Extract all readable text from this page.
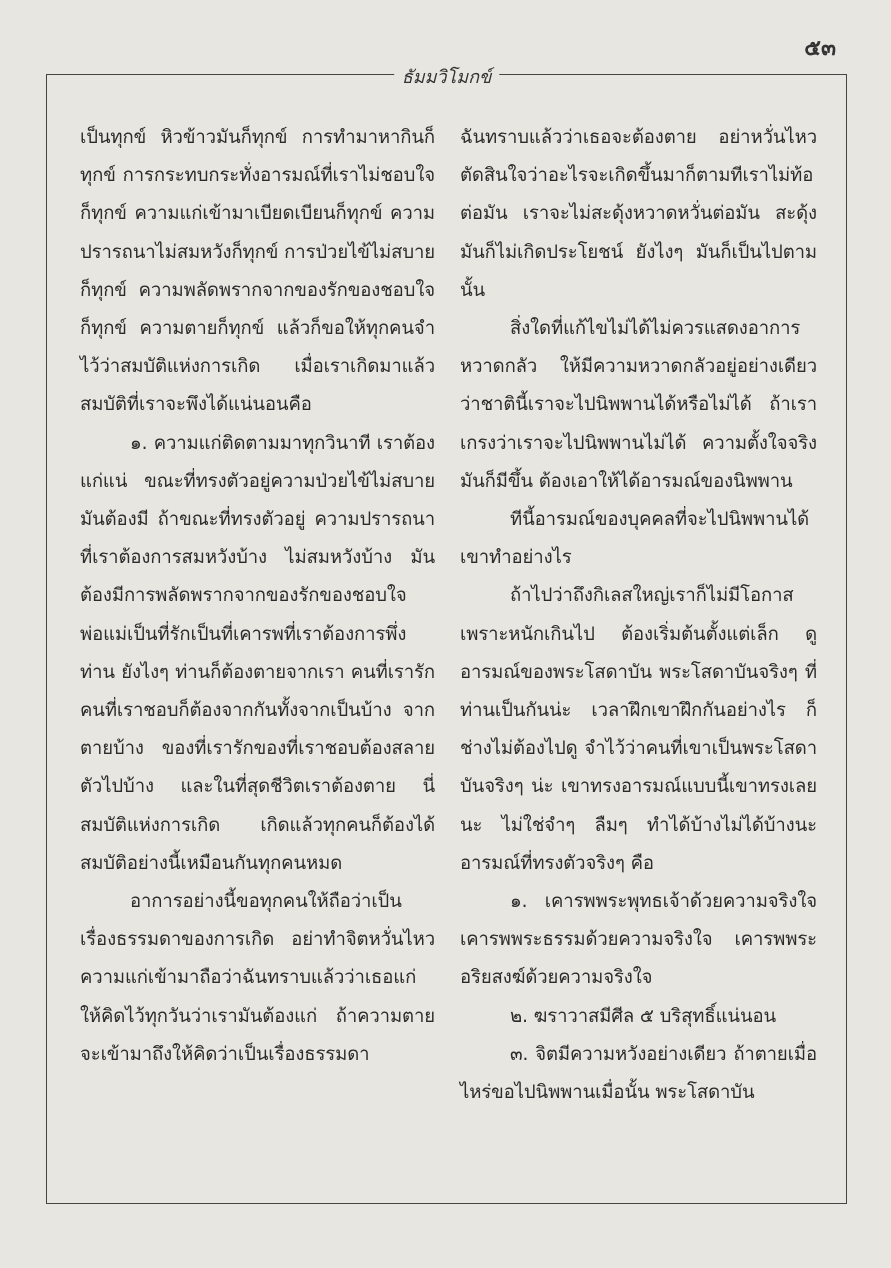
๕๓
ธัมมวิโมกข์

เป็นทุกข์ หิวข้าวมันก็ทุกข์ การทำมาหากินก็ทุกข์ การกระทบกระทั่งอารมณ์ที่เราไม่ชอบใจก็ทุกข์ ความแก่เข้ามาเบียดเบียนก็ทุกข์ ความปรารถนาไม่สมหวังก็ทุกข์ การป่วยไข้ไม่สบายก็ทุกข์ ความพลัดพรากจากของรักของชอบใจก็ทุกข์ ความตายก็ทุกข์ แล้วก็ขอให้ทุกคนจำไว้ว่าสมบัติแห่งการเกิด เมื่อเราเกิดมาแล้วสมบัติที่เราจะพึงได้แน่นอนคือ

๑. ความแก่ติดตามมาทุกวินาที เราต้องแก่แน่ ขณะที่ทรงตัวอยู่ความป่วยไข้ไม่สบายมันต้องมี ถ้าขณะที่ทรงตัวอยู่ ความปรารถนาที่เราต้องการสมหวังบ้าง ไม่สมหวังบ้าง มันต้องมีการพลัดพรากจากของรักของชอบใจ พ่อแม่เป็นที่รักเป็นที่เคารพที่เราต้องการพึ่งท่าน ยังไงๆ ท่านก็ต้องตายจากเรา คนที่เรารักคนที่เราชอบก็ต้องจากกันทั้งจากเป็นบ้าง จากตายบ้าง ของที่เรารักของที่เราชอบต้องสลายตัวไปบ้าง และในที่สุดชีวิตเราต้องตาย นี่สมบัติแห่งการเกิด เกิดแล้วทุกคนก็ต้องได้สมบัติอย่างนี้เหมือนกันทุกคนหมด

อาการอย่างนี้ขอทุกคนให้ถือว่าเป็นเรื่องธรรมดาของการเกิด อย่าทำจิตหวั่นไหว ความแก่เข้ามาถือว่าฉันทราบแล้วว่าเธอแก่ ให้คิดไว้ทุกวันว่าเรามันต้องแก่ ถ้าความตายจะเข้ามาถึงให้คิดว่าเป็นเรื่องธรรมดา

ฉันทราบแล้วว่าเธอจะต้องตาย อย่าหวั่นไหว ตัดสินใจว่าอะไรจะเกิดขึ้นมาก็ตามทีเราไม่ท้อต่อมัน เราจะไม่สะดุ้งหวาดหวั่นต่อมัน สะดุ้งมันก็ไม่เกิดประโยชน์ ยังไงๆ มันก็เป็นไปตามนั้น

สิ่งใดที่แก้ไขไม่ได้ไม่ควรแสดงอาการหวาดกลัว ให้มีความหวาดกลัวอยู่อย่างเดียวว่าชาตินี้เราจะไปนิพพานได้หรือไม่ได้ ถ้าเราเกรงว่าเราจะไปนิพพานไม่ได้ ความตั้งใจจริงมันก็มีขึ้น ต้องเอาให้ได้อารมณ์ของนิพพาน

ทีนี้อารมณ์ของบุคคลที่จะไปนิพพานได้เขาทำอย่างไร

ถ้าไปว่าถึงกิเลสใหญ่เราก็ไม่มีโอกาสเพราะหนักเกินไป ต้องเริ่มต้นตั้งแต่เล็ก ดูอารมณ์ของพระโสดาบัน พระโสดาบันจริงๆ ที่ท่านเป็นกันน่ะ เวลาฝึกเขาฝึกกันอย่างไร ก็ช่างไม่ต้องไปดู จำไว้ว่าคนที่เขาเป็นพระโสดาบันจริงๆ น่ะ เขาทรงอารมณ์แบบนี้เขาทรงเลยนะ ไม่ใช่จำๆ ลืมๆ ทำได้บ้างไม่ได้บ้างนะ อารมณ์ที่ทรงตัวจริงๆ คือ

๑. เคารพพระพุทธเจ้าด้วยความจริงใจ เคารพพระธรรมด้วยความจริงใจ เคารพพระอริยสงฆ์ด้วยความจริงใจ

๒. ฆราวาสมีศีล ๕ บริสุทธิ์แน่นอน

๓. จิตมีความหวังอย่างเดียว ถ้าตายเมื่อไหร่ขอไปนิพพานเมื่อนั้น พระโสดาบัน
